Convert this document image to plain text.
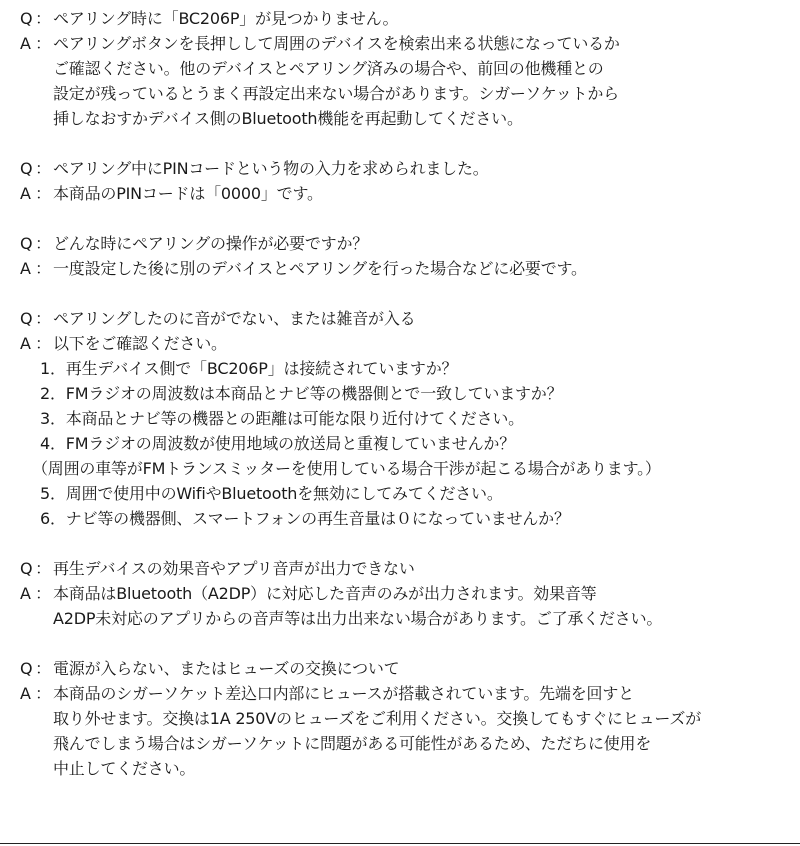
Q ： ペアリング時に「BC206P」が見つかりません。
A ： ペアリングボタンを長押しして周囲のデバイスを検索出来る状態になっているか
ご確認ください。他のデバイスとペアリング済みの場合や、前回の他機種との
設定が残っているとうまく再設定出来ない場合があります。シガーソケットから
挿しなおすかデバイス側のBluetooth機能を再起動してください。
Q ： ペアリング中にPINコードという物の入力を求められました。
A ： 本商品のPINコードは「0000」です。
Q ： どんな時にペアリングの操作が必要ですか？
A ： 一度設定した後に別のデバイスとペアリングを行った場合などに必要です。
Q ： ペアリングしたのに音がでない、または雑音が入る
A ： 以下をご確認ください。
1．再生デバイス側で「BC206P」は接続されていますか？
2．FMラジオの周波数は本商品とナビ等の機器側とで一致していますか？
3．本商品とナビ等の機器との距離は可能な限り近付けてください。
4．FMラジオの周波数が使用地域の放送局と重複していませんか？
（周囲の車等がFMトランスミッターを使用している場合干渉が起こる場合があります。）
5．周囲で使用中のWifiやBluetoothを無効にしてみてください。
6．ナビ等の機器側、スマートフォンの再生音量は０になっていませんか？
Q ： 再生デバイスの効果音やアプリ音声が出力できない
A ： 本商品はBluetooth（A2DP）に対応した音声のみが出力されます。効果音等
A2DP未対応のアプリからの音声等は出力出来ない場合があります。ご了承ください。
Q ： 電源が入らない、またはヒューズの交換について
A ： 本商品のシガーソケット差込口内部にヒュースが搭載されています。先端を回すと
取り外せます。交換は1A 250Vのヒューズをご利用ください。交換してもすぐにヒューズが
飛んでしまう場合はシガーソケットに問題がある可能性があるため、ただちに使用を
中止してください。
